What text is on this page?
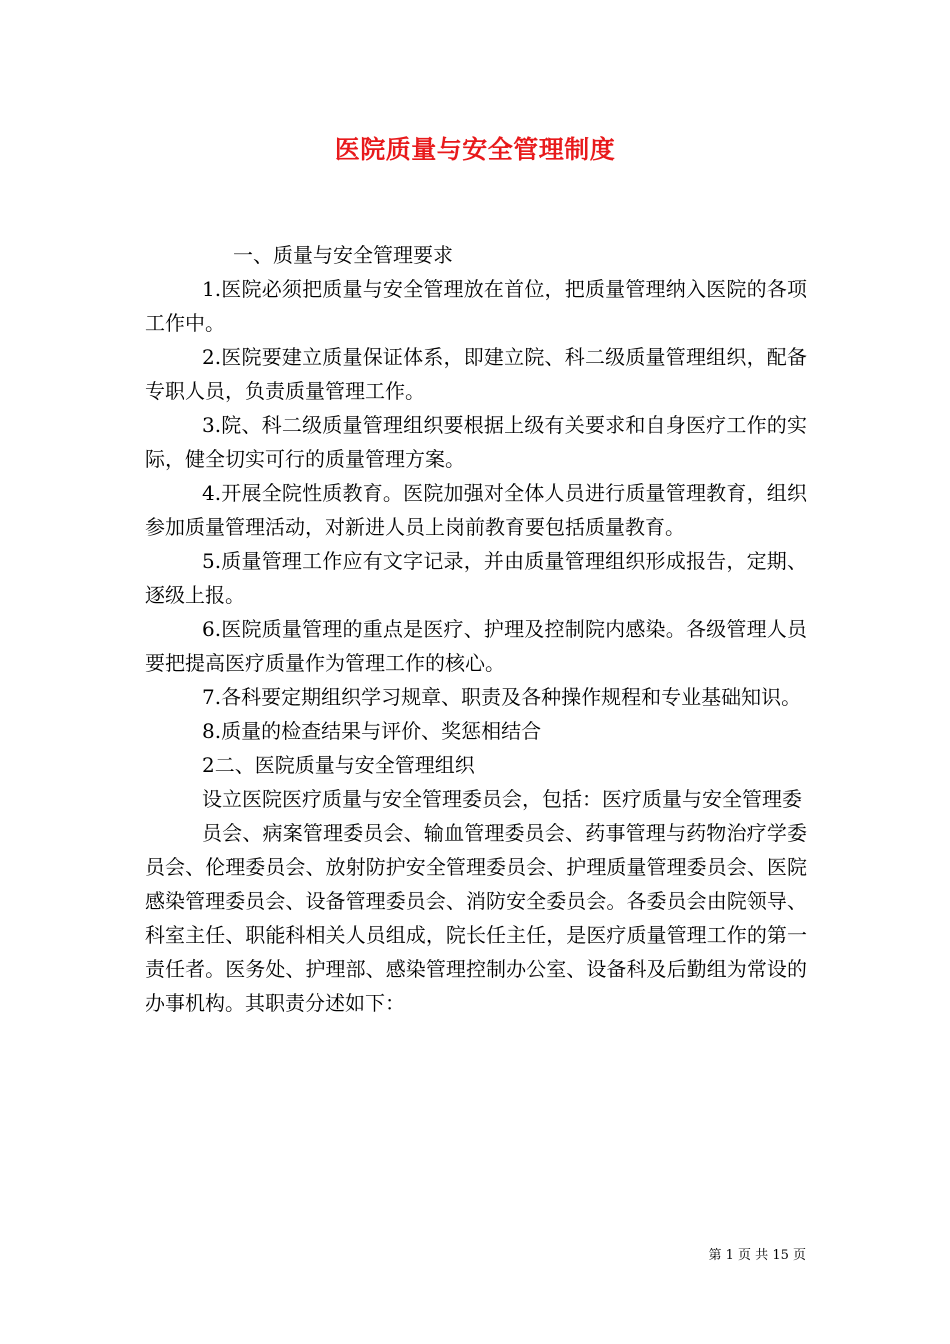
医院质量与安全管理制度

一、质量与安全管理要求

1.医院必须把质量与安全管理放在首位，把质量管理纳入医院的各项工作中。

2.医院要建立质量保证体系，即建立院、科二级质量管理组织，配备专职人员，负责质量管理工作。

3.院、科二级质量管理组织要根据上级有关要求和自身医疗工作的实际，健全切实可行的质量管理方案。

4.开展全院性质教育。医院加强对全体人员进行质量管理教育，组织参加质量管理活动，对新进人员上岗前教育要包括质量教育。

5.质量管理工作应有文字记录，并由质量管理组织形成报告，定期、逐级上报。

6.医院质量管理的重点是医疗、护理及控制院内感染。各级管理人员要把提高医疗质量作为管理工作的核心。

7.各科要定期组织学习规章、职责及各种操作规程和专业基础知识。

8.质量的检查结果与评价、奖惩相结合

2二、医院质量与安全管理组织

设立医院医疗质量与安全管理委员会，包括：医疗质量与安全管理委

员会、病案管理委员会、输血管理委员会、药事管理与药物治疗学委员会、伦理委员会、放射防护安全管理委员会、护理质量管理委员会、医院感染管理委员会、设备管理委员会、消防安全委员会。各委员会由院领导、科室主任、职能科相关人员组成，院长任主任，是医疗质量管理工作的第一责任者。医务处、护理部、感染管理控制办公室、设备科及后勤组为常设的办事机构。其职责分述如下：

第 1 页 共 15 页
